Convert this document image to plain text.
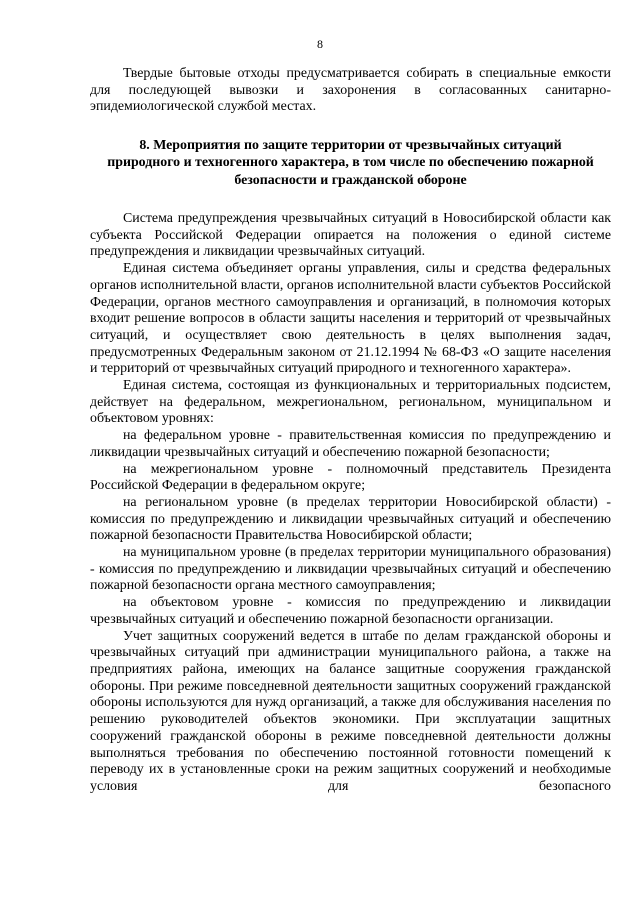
8

Твердые бытовые отходы предусматривается собирать в специальные емкости для последующей вывозки и захоронения в согласованных санитарно-эпидемиологической службой местах.

8. Мероприятия по защите территории от чрезвычайных ситуаций
природного и техногенного характера, в том числе по обеспечению пожарной
безопасности и гражданской обороне

Система предупреждения чрезвычайных ситуаций в Новосибирской области как субъекта Российской Федерации опирается на положения о единой системе предупреждения и ликвидации чрезвычайных ситуаций.

Единая система объединяет органы управления, силы и средства федеральных органов исполнительной власти, органов исполнительной власти субъектов Российской Федерации, органов местного самоуправления и организаций, в полномочия которых входит решение вопросов в области защиты населения и территорий от чрезвычайных ситуаций, и осуществляет свою деятельность в целях выполнения задач, предусмотренных Федеральным законом от 21.12.1994 № 68-ФЗ «О защите населения и территорий от чрезвычайных ситуаций природного и техногенного характера».

Единая система, состоящая из функциональных и территориальных подсистем, действует на федеральном, межрегиональном, региональном, муниципальном и объектовом уровнях:

на федеральном уровне - правительственная комиссия по предупреждению и ликвидации чрезвычайных ситуаций и обеспечению пожарной безопасности;

на межрегиональном уровне - полномочный представитель Президента Российской Федерации в федеральном округе;

на региональном уровне (в пределах территории Новосибирской области) - комиссия по предупреждению и ликвидации чрезвычайных ситуаций и обеспечению пожарной безопасности Правительства Новосибирской области;

на муниципальном уровне (в пределах территории муниципального образования) - комиссия по предупреждению и ликвидации чрезвычайных ситуаций и обеспечению пожарной безопасности органа местного самоуправления;

на объектовом уровне - комиссия по предупреждению и ликвидации чрезвычайных ситуаций и обеспечению пожарной безопасности организации.

Учет защитных сооружений ведется в штабе по делам гражданской обороны и чрезвычайных ситуаций при администрации муниципального района, а также на предприятиях района, имеющих на балансе защитные сооружения гражданской обороны. При режиме повседневной деятельности защитных сооружений гражданской обороны используются для нужд организаций, а также для обслуживания населения по решению руководителей объектов экономики. При эксплуатации защитных сооружений гражданской обороны в режиме повседневной деятельности должны выполняться требования по обеспечению постоянной готовности помещений к переводу их в установленные сроки на режим защитных сооружений и необходимые условия для безопасного
